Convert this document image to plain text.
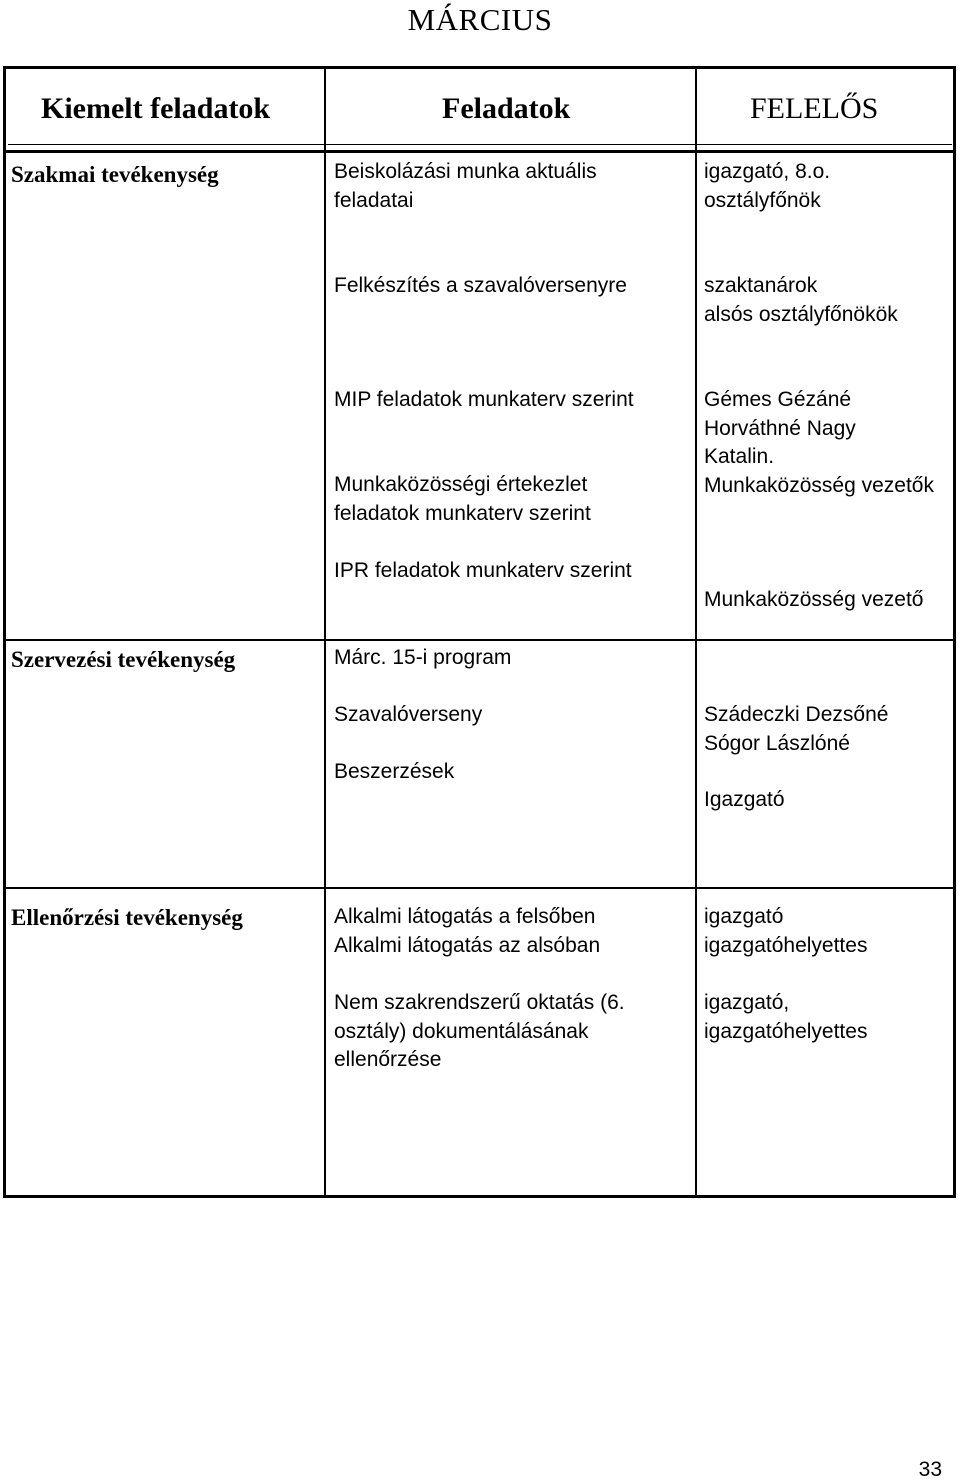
MÁRCIUS
Kiemelt feladatok	Feladatok	FELELŐS
Szakmai tevékenység
Szervezési tevékenység
Ellenőrzési tevékenység
Beiskolázási munka aktuális
feladatai
Felkészítés a szavalóversenyre
MIP feladatok munkaterv szerint
Munkaközösségi értekezlet
feladatok munkaterv szerint
IPR feladatok munkaterv szerint
igazgató, 8.o.
osztályfőnök
szaktanárok
alsós osztályfőnökök
Gémes Gézáné
Horváthné Nagy
Katalin.
Munkaközösség vezetők
Munkaközösség vezető
Márc. 15-i program
Szavalóverseny
Beszerzések
Szádeczki Dezsőné
Sógor Lászlóné
Igazgató
Alkalmi látogatás a felsőben
Alkalmi látogatás az alsóban
Nem szakrendszerű oktatás (6.
osztály) dokumentálásának
ellenőrzése
igazgató
igazgatóhelyettes
igazgató,
igazgatóhelyettes
33
